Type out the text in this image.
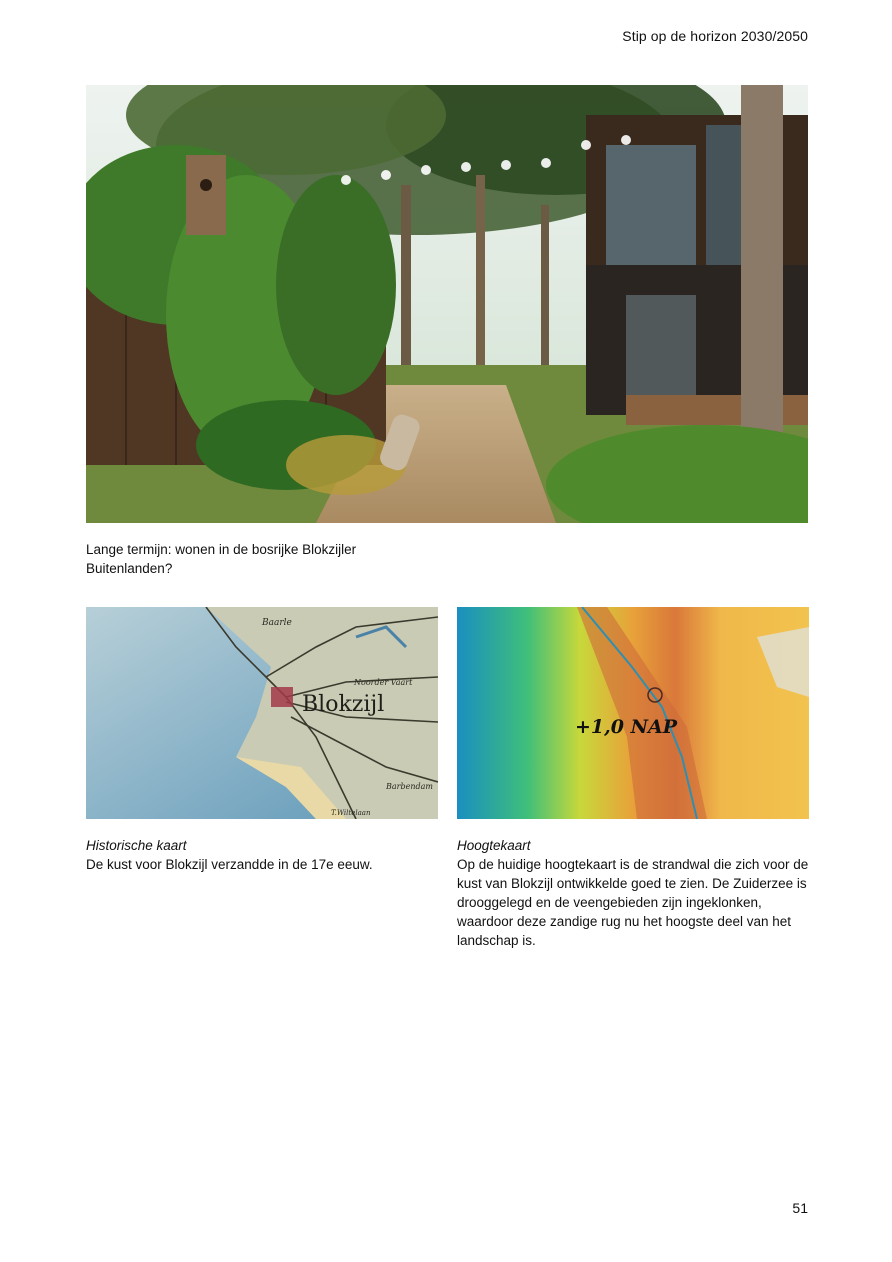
Stip op de horizon 2030/2050
Lange termijn: wonen in de bosrijke Blokzijler Buitenlanden?
Blokzijl
Baarle
Noorder Vaart
Barbendam
T.Wiltelaan
+1,0 NAP
Historische kaart
De kust voor Blokzijl verzandde in de 17e eeuw.
Hoogtekaart
Op de huidige hoogtekaart is de strandwal die zich voor de kust van Blokzijl ontwikkelde goed te zien. De Zuiderzee is drooggelegd en de veengebieden zijn ingeklonken, waardoor deze zandige rug nu het hoogste deel van het landschap is.
51
